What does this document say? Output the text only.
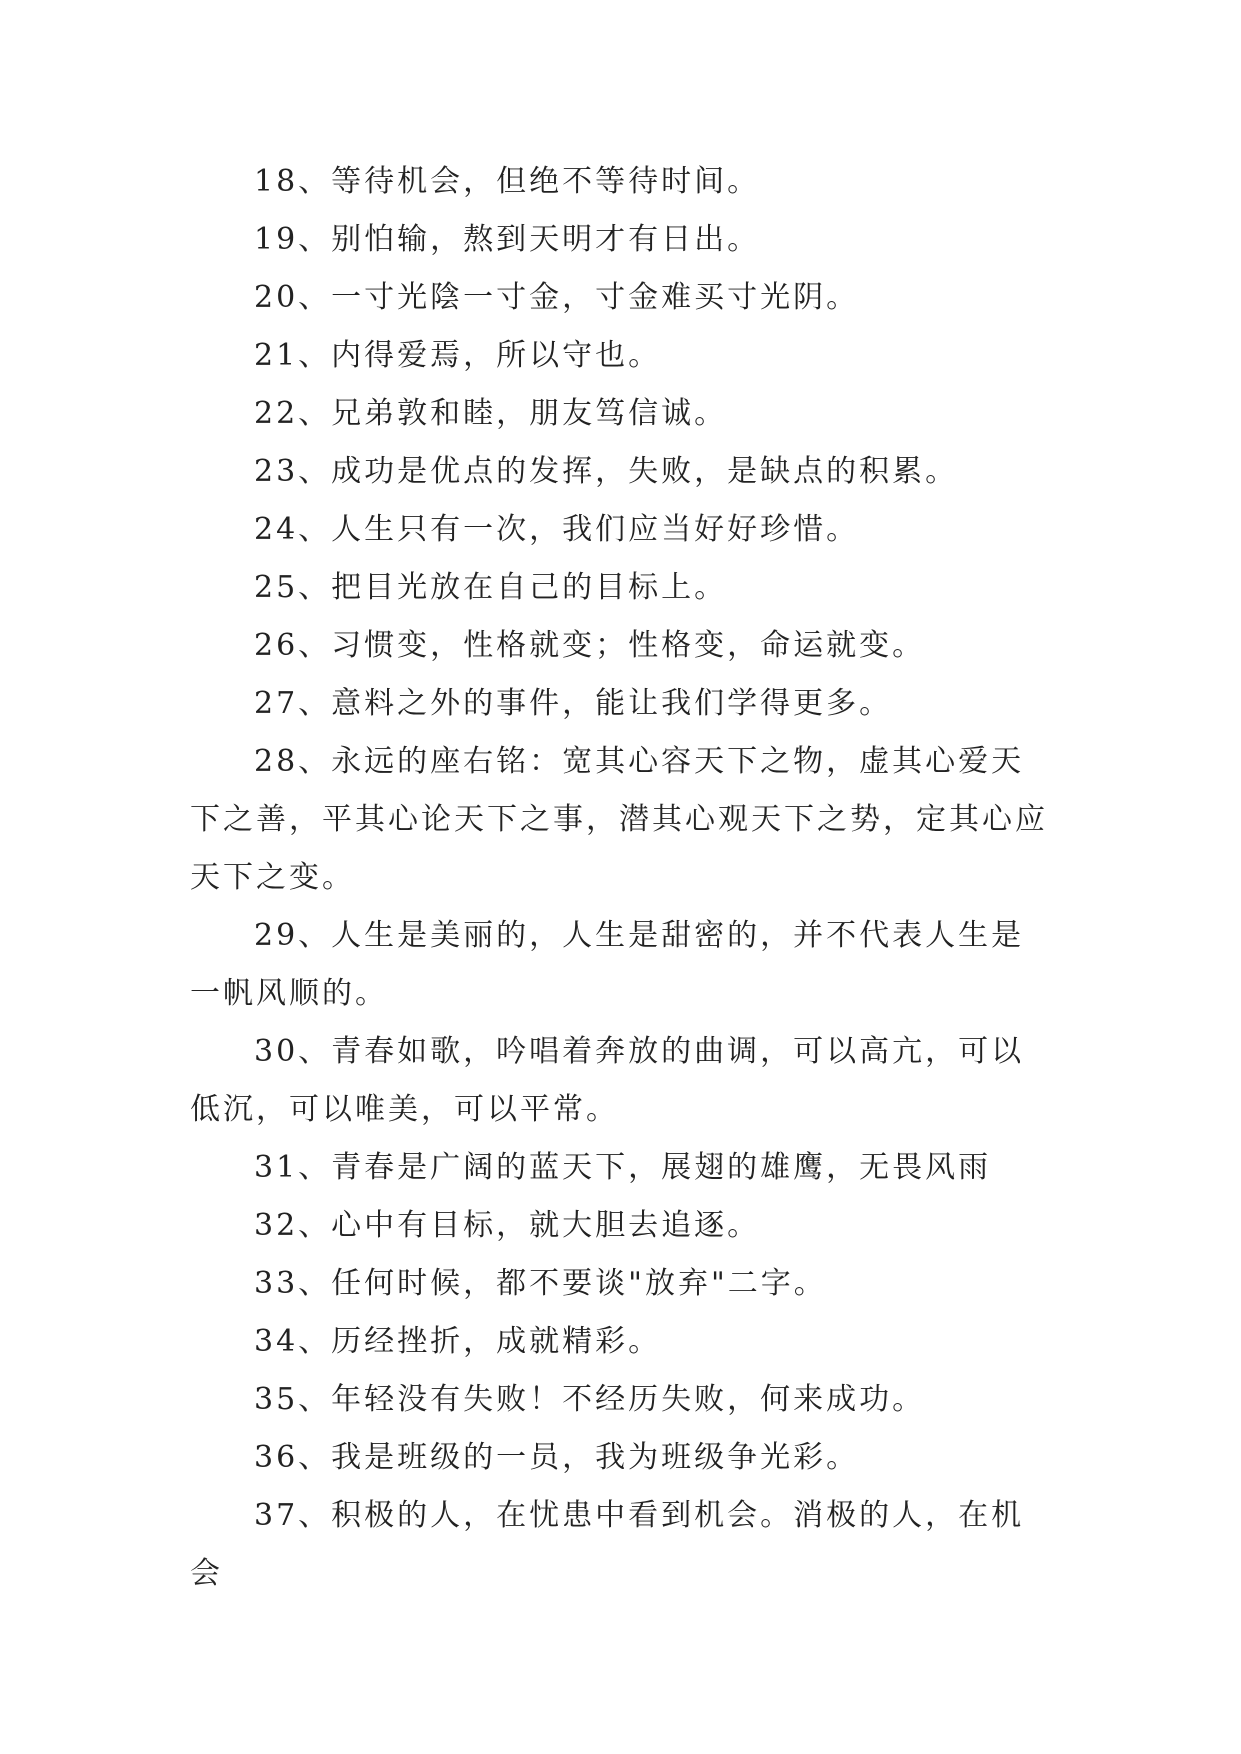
18、等待机会，但绝不等待时间。

19、别怕输，熬到天明才有日出。

20、一寸光陰一寸金，寸金难买寸光阴。

21、内得爱焉，所以守也。

22、兄弟敦和睦，朋友笃信诚。

23、成功是优点的发挥，失败，是缺点的积累。

24、人生只有一次，我们应当好好珍惜。

25、把目光放在自己的目标上。

26、习惯变，性格就变；性格变，命运就变。

27、意料之外的事件，能让我们学得更多。

28、永远的座右铭：宽其心容天下之物，虚其心爱天下之善，平其心论天下之事，潜其心观天下之势，定其心应天下之变。

29、人生是美丽的，人生是甜密的，并不代表人生是一帆风顺的。

30、青春如歌，吟唱着奔放的曲调，可以高亢，可以低沉，可以唯美，可以平常。

31、青春是广阔的蓝天下，展翅的雄鹰，无畏风雨

32、心中有目标，就大胆去追逐。

33、任何时候，都不要谈"放弃"二字。

34、历经挫折，成就精彩。

35、年轻没有失败！不经历失败，何来成功。

36、我是班级的一员，我为班级争光彩。

37、积极的人，在忧患中看到机会。消极的人，在机会
